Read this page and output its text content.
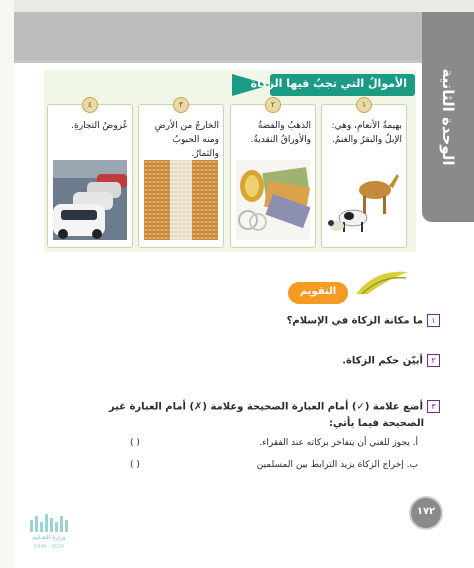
الوحدة الثانية
الأموالُ التي تجبُ فيها الزكاةُ
١
بهيمةُ الأنعامِ، وهي: الإبلُ والبقرُ والغنمُ.
٢
الذهبُ والفضةُ والأوراقُ النقديةُ.
٣
الخارجُ من الأرضِ ومنه الحبوبُ والثمارُ.
٤
عُروضُ التجارةِ.
التقويم
١ما مكانة الزكاة في الإسلام؟
٢أبيّن حكم الزكاة.
٣أضع علامة (✓) أمام العبارة الصحيحة وعلامة (✗) أمام العبارة غير
الصحيحة فيما يأتي:
أ. يجوز للغني أن يتفاخر بزكاته عند الفقراء.
( )
ب. إخراج الزكاة يزيد الترابط بين المسلمين
( )
١٧٢
وزارة التعـليم
2024 - 1446
